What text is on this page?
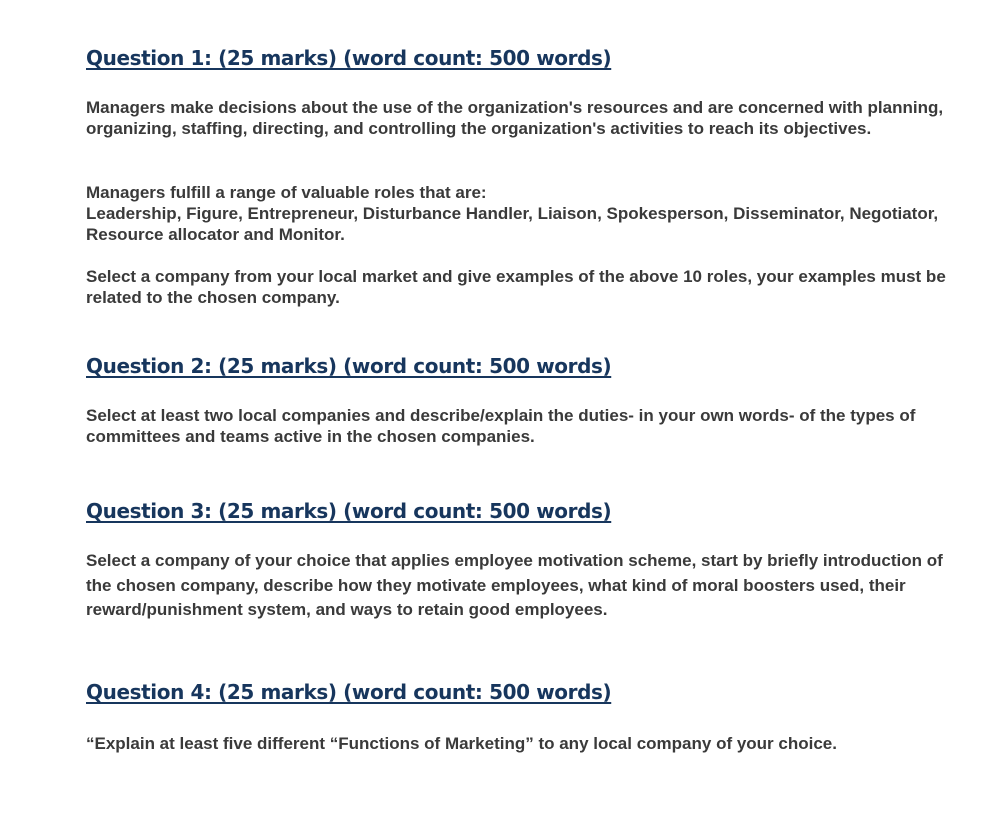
Question 1: (25 marks) (word count: 500 words)

Managers make decisions about the use of the organization's resources and are concerned with planning, organizing, staffing, directing, and controlling the organization's activities to reach its objectives.

Managers fulfill a range of valuable roles that are:
Leadership, Figure, Entrepreneur, Disturbance Handler, Liaison, Spokesperson, Disseminator, Negotiator, Resource allocator and Monitor.

Select a company from your local market and give examples of the above 10 roles, your examples must be related to the chosen company.

Question 2: (25 marks) (word count: 500 words)

Select at least two local companies and describe/explain the duties- in your own words- of the types of committees and teams active in the chosen companies.

Question 3: (25 marks) (word count: 500 words)

Select a company of your choice that applies employee motivation scheme, start by briefly introduction of the chosen company, describe how they motivate employees, what kind of moral boosters used, their reward/punishment system, and ways to retain good employees.

Question 4: (25 marks) (word count: 500 words)

“Explain at least five different “Functions of Marketing” to any local company of your choice.
